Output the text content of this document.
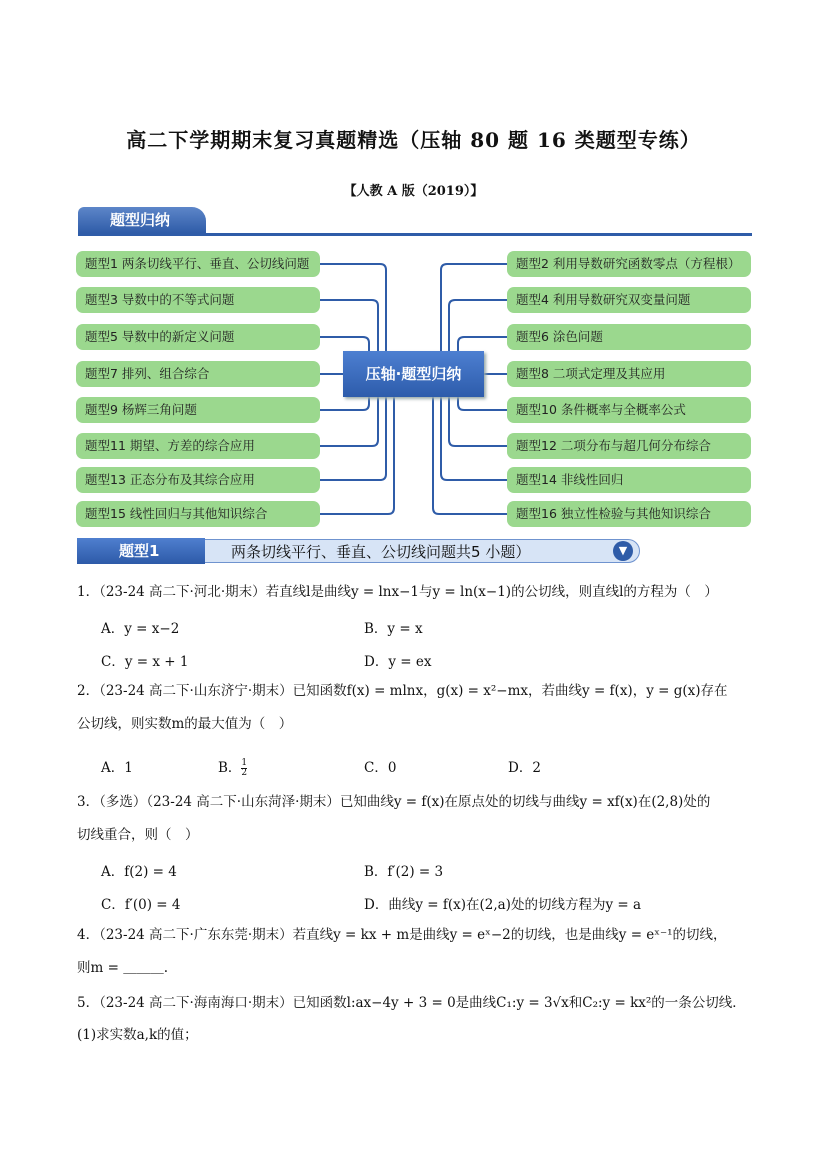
高二下学期期末复习真题精选（压轴 80 题 16 类题型专练）
【人教 A 版（2019）】
题型归纳
题型1 两条切线平行、垂直、公切线问题
题型3 导数中的不等式问题
题型5 导数中的新定义问题
题型7 排列、组合综合
题型9 杨辉三角问题
题型11 期望、方差的综合应用
题型13 正态分布及其综合应用
题型15 线性回归与其他知识综合
题型2 利用导数研究函数零点（方程根）
题型4 利用导数研究双变量问题
题型6 涂色问题
题型8 二项式定理及其应用
题型10 条件概率与全概率公式
题型12 二项分布与超几何分布综合
题型14 非线性回归
题型16 独立性检验与其他知识综合
压轴·题型归纳
两条切线平行、垂直、公切线问题共5 小题）
题型1	▼
1．（23-24 高二下·河北·期末）若直线l是曲线y = lnx−1与y = ln(x−1)的公切线，则直线l的方程为（　）
A．y = x−2	B．y = x
C．y = x + 1	D．y = ex
2．（23-24 高二下·山东济宁·期末）已知函数f(x) = mlnx，g(x) = x²−mx，若曲线y = f(x)，y = g(x)存在
公切线，则实数m的最大值为（　）
A．1	B． $\frac{1}{2}$	C．0	D．2
3．（多选）（23-24 高二下·山东菏泽·期末）已知曲线y = f(x)在原点处的切线与曲线y = xf(x)在(2,8)处的
切线重合，则（　）
A．f(2) = 4	B．f′(2) = 3
C．f′(0) = 4	D．曲线y = f(x)在(2,a)处的切线方程为y = a
4．（23-24 高二下·广东东莞·期末）若直线y = kx + m是曲线y = eˣ−2的切线，也是曲线y = eˣ⁻¹的切线，
则m = ＿＿＿.
5．（23-24 高二下·海南海口·期末）已知函数l:ax−4y + 3 = 0是曲线C₁:y = 3√x和C₂:y = kx²的一条公切线．
(1)求实数a,k的值；
